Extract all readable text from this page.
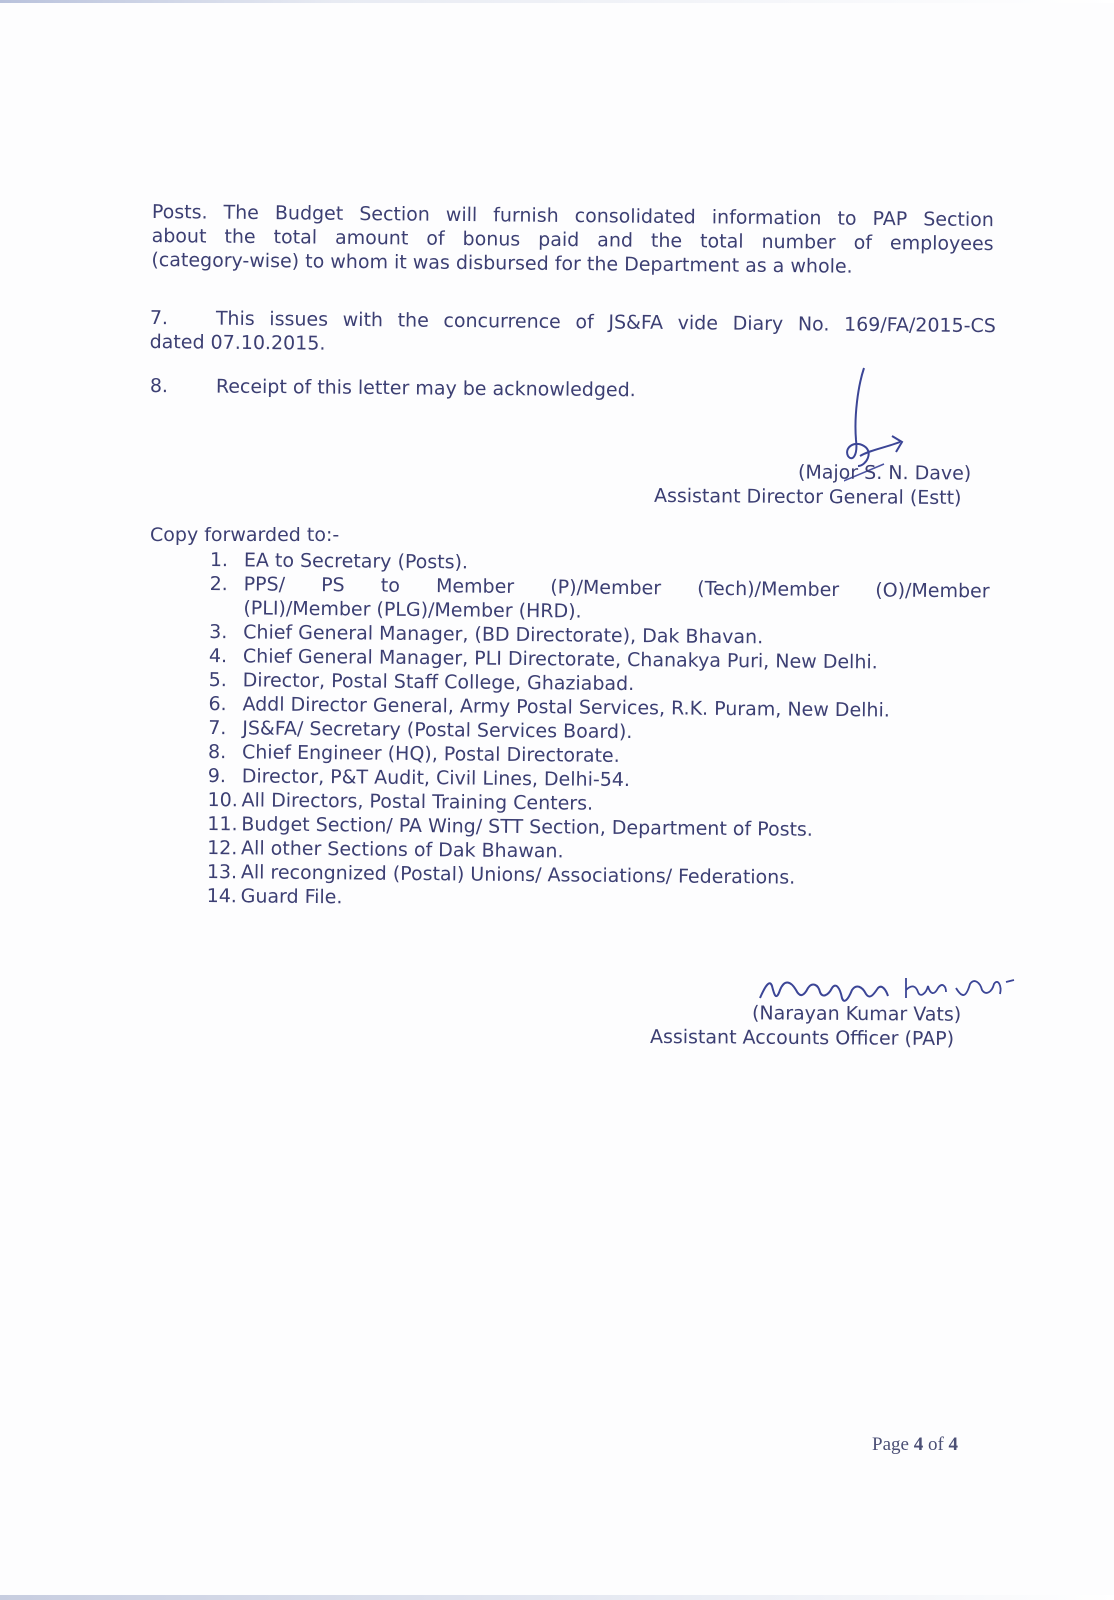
Posts. The Budget Section will furnish consolidated information to PAP Section
about the total amount of bonus paid and the total number of employees
(category-wise) to whom it was disbursed for the Department as a whole.
7.	This issues with the concurrence of JS&FA vide Diary No. 169/FA/2015-CS
dated 07.10.2015.
8.	Receipt of this letter may be acknowledged.
(Major S. N. Dave)
Assistant Director General (Estt)
Copy forwarded to:-
1. EA to Secretary (Posts).
2. PPS/ PS to Member (P)/Member (Tech)/Member (O)/Member
(PLI)/Member (PLG)/Member (HRD).
3. Chief General Manager, (BD Directorate), Dak Bhavan.
4. Chief General Manager, PLI Directorate, Chanakya Puri, New Delhi.
5. Director, Postal Staff College, Ghaziabad.
6. Addl Director General, Army Postal Services, R.K. Puram, New Delhi.
7. JS&FA/ Secretary (Postal Services Board).
8. Chief Engineer (HQ), Postal Directorate.
9. Director, P&T Audit, Civil Lines, Delhi-54.
10. All Directors, Postal Training Centers.
11. Budget Section/ PA Wing/ STT Section, Department of Posts.
12. All other Sections of Dak Bhawan.
13. All recongnized (Postal) Unions/ Associations/ Federations.
14. Guard File.
(Narayan Kumar Vats)
Assistant Accounts Officer (PAP)
Page 4 of 4
